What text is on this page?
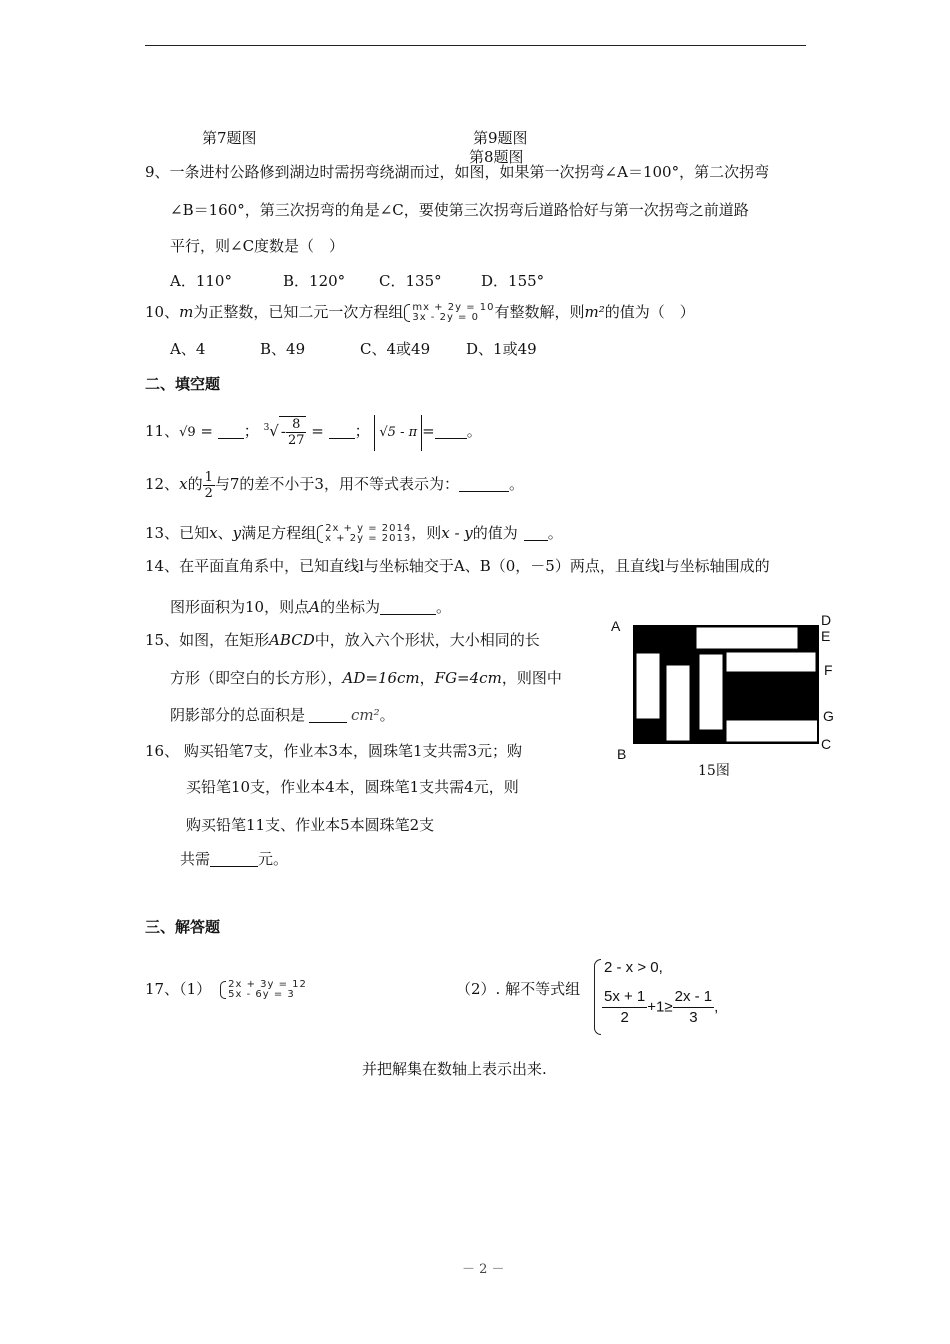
第7题图	第9题图
第8题图
9、一条进村公路修到湖边时需拐弯绕湖而过，如图，如果第一次拐弯∠A＝100°，第二次拐弯
∠B＝160°，第三次拐弯的角是∠C，要使第三次拐弯后道路恰好与第一次拐弯之前道路
平行，则∠C度数是（　）
A．110°	B．120° C．135°	D．155°
10、m为正整数，已知二元一次方程组 mx + 2y = 10
3x - 2y = 0	有整数解，则m²的值为（　）
A、4	B、49	C、4或49 D、1或49
二、填空题
11、√9 = ； $^3√ - \frac{8}{27}$ = ； √5 - π = 。
12、x的 $\frac{1}{2}$ 与7的差不小于3，用不等式表示为：	。
13、已知x、y满足方程组 2x + y = 2014
x + 2y = 2013 ，则x - y的值为 。
14、在平面直角系中，已知直线l与坐标轴交于A、B（0，－5）两点，且直线l与坐标轴围成的
图形面积为10，则点A的坐标为	。
15、如图，在矩形ABCD中，放入六个形状，大小相同的长
方形（即空白的长方形），AD=16cm，FG=4cm，则图中
阴影部分的总面积是	cm²。
A	D
E
F
G
C
B
15图
16、 购买铅笔7支，作业本3本，圆珠笔1支共需3元；购
买铅笔10支，作业本4本，圆珠笔1支共需4元，则
购买铅笔11支、作业本5本圆珠笔2支
共需	元。
三、解答题
17、（1） 2x + 3y = 12
5x - 6y = 3	（2）. 解不等式组
2 - x > 0,
$\frac{5x + 1}{2} +1\ge \frac{2x - 1}{3}$ ,
并把解集在数轴上表示出来.
－ 2 －
